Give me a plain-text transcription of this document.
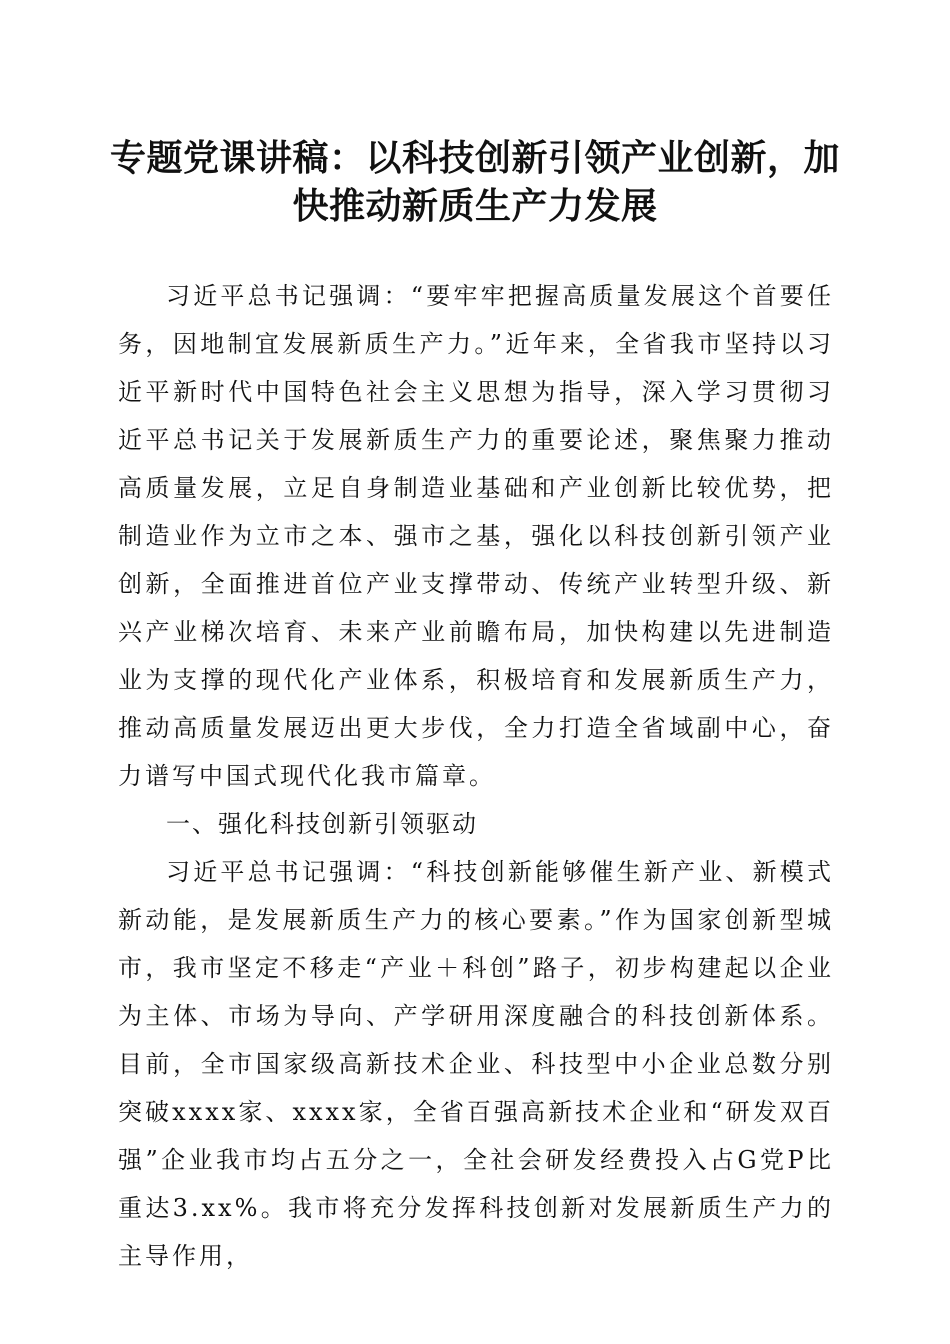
专题党课讲稿：以科技创新引领产业创新，加
快推动新质生产力发展

习近平总书记强调：“要牢牢把握高质量发展这个首要任务，因地制宜发展新质生产力。”近年来，全省我市坚持以习近平新时代中国特色社会主义思想为指导，深入学习贯彻习近平总书记关于发展新质生产力的重要论述，聚焦聚力推动高质量发展，立足自身制造业基础和产业创新比较优势，把制造业作为立市之本、强市之基，强化以科技创新引领产业创新，全面推进首位产业支撑带动、传统产业转型升级、新兴产业梯次培育、未来产业前瞻布局，加快构建以先进制造业为支撑的现代化产业体系，积极培育和发展新质生产力，推动高质量发展迈出更大步伐，全力打造全省域副中心，奋力谱写中国式现代化我市篇章。

一、强化科技创新引领驱动

习近平总书记强调：“科技创新能够催生新产业、新模式新动能，是发展新质生产力的核心要素。”作为国家创新型城市，我市坚定不移走“产业＋科创”路子，初步构建起以企业为主体、市场为导向、产学研用深度融合的科技创新体系。目前，全市国家级高新技术企业、科技型中小企业总数分别突破xxxx家、xxxx家，全省百强高新技术企业和“研发双百强”企业我市均占五分之一，全社会研发经费投入占G党P比重达3.xx%。我市将充分发挥科技创新对发展新质生产力的主导作用，
